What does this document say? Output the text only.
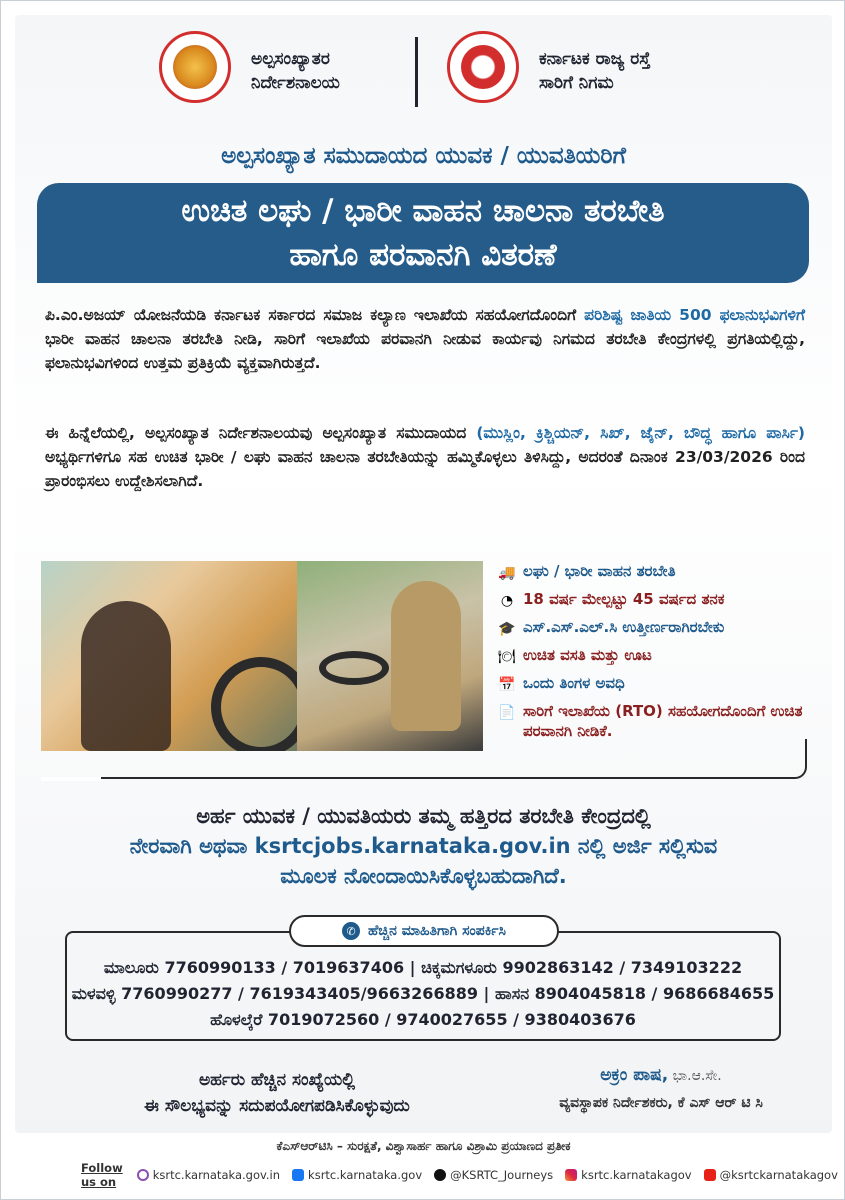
ಅಲ್ಪಸಂಖ್ಯಾತರ
ನಿರ್ದೇಶನಾಲಯ
ಕರ್ನಾಟಕ ರಾಜ್ಯ ರಸ್ತೆ
ಸಾರಿಗೆ ನಿಗಮ
ಅಲ್ಪಸಂಖ್ಯಾತ ಸಮುದಾಯದ ಯುವಕ / ಯುವತಿಯರಿಗೆ
ಉಚಿತ ಲಘು / ಭಾರೀ ವಾಹನ ಚಾಲನಾ ತರಬೇತಿ
ಹಾಗೂ ಪರವಾನಗಿ ವಿತರಣೆ

ಪಿ.ಎಂ.ಅಜಯ್ ಯೋಜನೆಯಡಿ ಕರ್ನಾಟಕ ಸರ್ಕಾರದ ಸಮಾಜ ಕಲ್ಯಾಣ ಇಲಾಖೆಯ ಸಹಯೋಗದೊಂದಿಗೆ ಪರಿಶಿಷ್ಟ ಜಾತಿಯ 500 ಫಲಾನುಭವಿಗಳಿಗೆ ಭಾರೀ ವಾಹನ ಚಾಲನಾ ತರಬೇತಿ ನೀಡಿ, ಸಾರಿಗೆ ಇಲಾಖೆಯ ಪರವಾನಗಿ ನೀಡುವ ಕಾರ್ಯವು ನಿಗಮದ ತರಬೇತಿ ಕೇಂದ್ರಗಳಲ್ಲಿ ಪ್ರಗತಿಯಲ್ಲಿದ್ದು, ಫಲಾನುಭವಿಗಳಿಂದ ಉತ್ತಮ ಪ್ರತಿಕ್ರಿಯೆ ವ್ಯಕ್ತವಾಗಿರುತ್ತದೆ.

ಈ ಹಿನ್ನೆಲೆಯಲ್ಲಿ, ಅಲ್ಪಸಂಖ್ಯಾತ ನಿರ್ದೇಶನಾಲಯವು ಅಲ್ಪಸಂಖ್ಯಾತ ಸಮುದಾಯದ (ಮುಸ್ಲಿಂ, ಕ್ರಿಶ್ಚಿಯನ್, ಸಿಖ್, ಜೈನ್, ಬೌದ್ಧ ಹಾಗೂ ಪಾರ್ಸಿ) ಅಭ್ಯರ್ಥಿಗಳಿಗೂ ಸಹ ಉಚಿತ ಭಾರೀ / ಲಘು ವಾಹನ ಚಾಲನಾ ತರಬೇತಿಯನ್ನು ಹಮ್ಮಿಕೊಳ್ಳಲು ತಿಳಿಸಿದ್ದು, ಅದರಂತೆ ದಿನಾಂಕ 23/03/2026 ರಿಂದ ಪ್ರಾರಂಭಿಸಲು ಉದ್ದೇಶಿಸಲಾಗಿದೆ.

🚚 ಲಘು / ಭಾರೀ ವಾಹನ ತರಬೇತಿ
◔ 18 ವರ್ಷ ಮೇಲ್ಪಟ್ಟು 45 ವರ್ಷದ ತನಕ
🎓 ಎಸ್.ಎಸ್.ಎಲ್.ಸಿ ಉತ್ತೀರ್ಣರಾಗಿರಬೇಕು
🍽 ಉಚಿತ ವಸತಿ ಮತ್ತು ಊಟ
📅 ಒಂದು ತಿಂಗಳ ಅವಧಿ
📄 ಸಾರಿಗೆ ಇಲಾಖೆಯ (RTO) ಸಹಯೋಗದೊಂದಿಗೆ ಉಚಿತ ಪರವಾನಗಿ ನೀಡಿಕೆ.
ಅರ್ಹ ಯುವಕ / ಯುವತಿಯರು ತಮ್ಮ ಹತ್ತಿರದ ತರಬೇತಿ ಕೇಂದ್ರದಲ್ಲಿ
ನೇರವಾಗಿ ಅಥವಾ ksrtcjobs.karnataka.gov.in ನಲ್ಲಿ ಅರ್ಜಿ ಸಲ್ಲಿಸುವ
ಮೂಲಕ ನೋಂದಾಯಿಸಿಕೊಳ್ಳಬಹುದಾಗಿದೆ.
✆ ಹೆಚ್ಚಿನ ಮಾಹಿತಿಗಾಗಿ ಸಂಪರ್ಕಿಸಿ
ಮಾಲೂರು 7760990133 / 7019637406 | ಚಿಕ್ಕಮಗಳೂರು 9902863142 / 7349103222
ಮಳವಳ್ಳಿ 7760990277 / 7619343405/9663266889 | ಹಾಸನ 8904045818 / 9686684655
ಹೊಳಲ್ಕೆರೆ 7019072560 / 9740027655 / 9380403676
ಅರ್ಹರು ಹೆಚ್ಚಿನ ಸಂಖ್ಯೆಯಲ್ಲಿ
ಈ ಸೌಲಭ್ಯವನ್ನು ಸದುಪಯೋಗಪಡಿಸಿಕೊಳ್ಳುವುದು
ಅಕ್ರಂ ಪಾಷ, ಭಾ.ಆ.ಸೇ.
ವ್ಯವಸ್ಥಾಪಕ ನಿರ್ದೇಶಕರು, ಕೆ ಎಸ್ ಆರ್ ಟಿ ಸಿ
ಕೆಎಸ್‌ಆರ್‌ಟಿಸಿ – ಸುರಕ್ಷತೆ, ವಿಶ್ವಾಸಾರ್ಹ ಹಾಗೂ ವಿಶ್ರಾಮಿ ಪ್ರಯಾಣದ ಪ್ರತೀಕ
Follow us on	ksrtc.karnataka.gov.in ksrtc.karnataka.gov @KSRTC_Journeys ksrtc.karnatakagov @ksrtckarnatakagov
